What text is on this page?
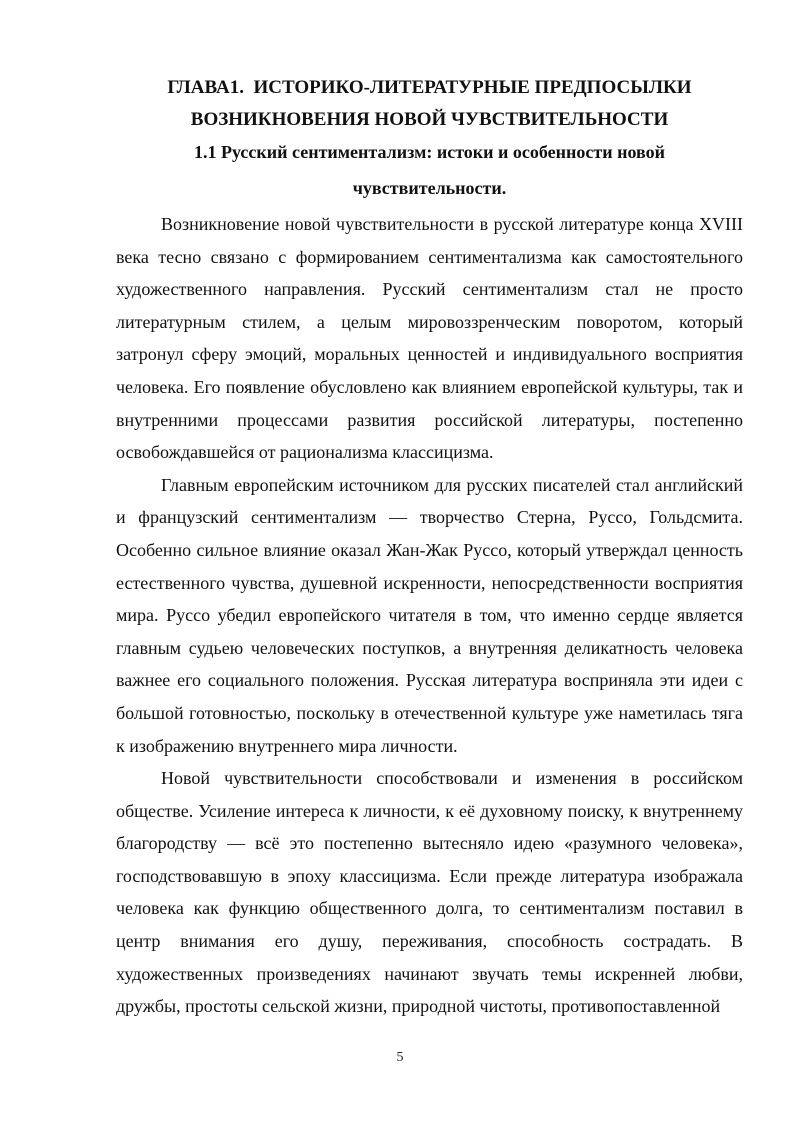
ГЛАВА1.  ИСТОРИКО-ЛИТЕРАТУРНЫЕ ПРЕДПОСЫЛКИ

ВОЗНИКНОВЕНИЯ НОВОЙ ЧУВСТВИТЕЛЬНОСТИ

1.1 Русский сентиментализм: истоки и особенности новой

чувствительности.

Возникновение новой чувствительности в русской литературе конца XVIII века тесно связано с формированием сентиментализма как самостоятельного художественного направления. Русский сентиментализм стал не просто литературным стилем, а целым мировоззренческим поворотом, который затронул сферу эмоций, моральных ценностей и индивидуального восприятия человека. Его появление обусловлено как влиянием европейской культуры, так и внутренними процессами развития российской литературы, постепенно освобождавшейся от рационализма классицизма.

Главным европейским источником для русских писателей стал английский и французский сентиментализм — творчество Стерна, Руссо, Гольдсмита. Особенно сильное влияние оказал Жан-Жак Руссо, который утверждал ценность естественного чувства, душевной искренности, непосредственности восприятия мира. Руссо убедил европейского читателя в том, что именно сердце является главным судьею человеческих поступков, а внутренняя деликатность человека важнее его социального положения. Русская литература восприняла эти идеи с большой готовностью, поскольку в отечественной культуре уже наметилась тяга к изображению внутреннего мира личности.

Новой чувствительности способствовали и изменения в российском обществе. Усиление интереса к личности, к её духовному поиску, к внутреннему благородству — всё это постепенно вытесняло идею «разумного человека», господствовавшую в эпоху классицизма. Если прежде литература изображала человека как функцию общественного долга, то сентиментализм поставил в центр внимания его душу, переживания, способность сострадать. В художественных произведениях начинают звучать темы искренней любви, дружбы, простоты сельской жизни, природной чистоты, противопоставленной

5
